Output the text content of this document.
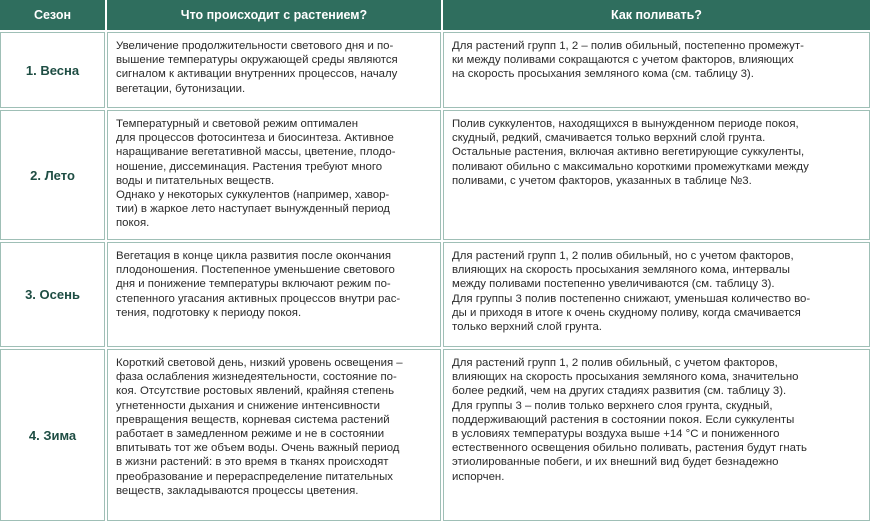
Сезон	Что происходит с растением?	Как поливать?
1. Весна
Увеличение продолжительности светового дня и по-
вышение температуры окружающей среды являются
сигналом к активации внутренних процессов, началу
вегетации, бутонизации.
Для растений групп 1, 2 – полив обильный, постепенно промежут-
ки между поливами сокращаются с учетом факторов, влияющих
на скорость просыхания земляного кома (см. таблицу 3).
2. Лето
Температурный и световой режим оптимален
для процессов фотосинтеза и биосинтеза. Активное
наращивание вегетативной массы, цветение, плодо-
ношение, диссеминация. Растения требуют много
воды и питательных веществ.
Однако у некоторых суккулентов (например, хавор-
тии) в жаркое лето наступает вынужденный период
покоя.
Полив суккулентов, находящихся в вынужденном периоде покоя,
скудный, редкий, смачивается только верхний слой грунта.
Остальные растения, включая активно вегетирующие суккуленты,
поливают обильно с максимально короткими промежутками между
поливами, с учетом факторов, указанных в таблице №3.
3. Осень
Вегетация в конце цикла развития после окончания
плодоношения. Постепенное уменьшение светового
дня и понижение температуры включают режим по-
степенного угасания активных процессов внутри рас-
тения, подготовку к периоду покоя.
Для растений групп 1, 2 полив обильный, но с учетом факторов,
влияющих на скорость просыхания земляного кома, интервалы
между поливами постепенно увеличиваются (см. таблицу 3).
Для группы 3 полив постепенно снижают, уменьшая количество во-
ды и приходя в итоге к очень скудному поливу, когда смачивается
только верхний слой грунта.
4. Зима
Короткий световой день, низкий уровень освещения –
фаза ослабления жизнедеятельности, состояние по-
коя. Отсутствие ростовых явлений, крайняя степень
угнетенности дыхания и снижение интенсивности
превращения веществ, корневая система растений
работает в замедленном режиме и не в состоянии
впитывать тот же объем воды. Очень важный период
в жизни растений: в это время в тканях происходят
преобразование и перераспределение питательных
веществ, закладываются процессы цветения.
Для растений групп 1, 2 полив обильный, с учетом факторов,
влияющих на скорость просыхания земляного кома, значительно
более редкий, чем на других стадиях развития (см. таблицу 3).
Для группы 3 – полив только верхнего слоя грунта, скудный,
поддерживающий растения в состоянии покоя. Если суккуленты
в условиях температуры воздуха выше +14 °С и пониженного
естественного освещения обильно поливать, растения будут гнать
этиолированные побеги, и их внешний вид будет безнадежно
испорчен.
